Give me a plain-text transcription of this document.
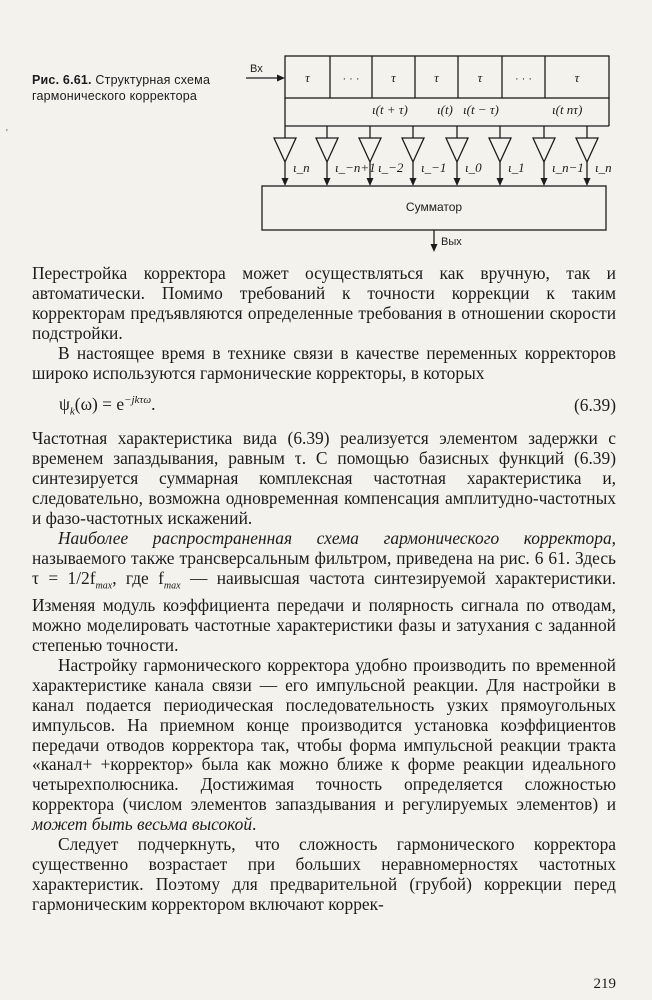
'
Рис. 6.61. Структурная схема гармонического корректора
Вх
τ	· · · τ	τ	τ	· · ·	τ
ι(t + τ) ι(t) ι(t − τ)	ι(t nτ)
ι_n ι_−n+1 ι_−2 ι_−1 ι_0 ι_1 ι_n−1 ι_n
Сумматор
Вых

Перестройка корректора может осуществляться как вручную, так и автоматически. Помимо требований к точности коррекции к таким корректорам предъявляются определенные требования в отношении скорости подстройки.

В настоящее время в технике связи в качестве переменных корректоров широко используются гармонические корректоры, в которых

$\psi_k(\omega) = e^{-jk\tau\omega}$.	(6.39)

Частотная характеристика вида (6.39) реализуется элементом задержки с временем запаздывания, равным τ. С помощью базисных функций (6.39) синтезируется суммарная комплексная частотная характеристика и, следовательно, возможна одновременная компенсация амплитудно-частотных и фазо-частотных искажений.

Наиболее распространенная схема гармонического корректора, называемого также трансверсальным фильтром, приведена на рис. 6 61. Здесь $\tau = 1/2f_{max}$, где $f_{max}$ — наивысшая частота синтезируемой характеристики. Изменяя модуль коэффициента передачи и полярность сигнала по отводам, можно моделировать частотные характеристики фазы и затухания с заданной степенью точности.

Настройку гармонического корректора удобно производить по временной характеристике канала связи — его импульсной реакции. Для настройки в канал подается периодическая последовательность узких прямоугольных импульсов. На приемном конце производится установка коэффициентов передачи отводов корректора так, чтобы форма импульсной реакции тракта «канал+ +корректор» была как можно ближе к форме реакции идеального четырехполюсника. Достижимая точность определяется сложностью корректора (числом элементов запаздывания и регулируемых элементов) и может быть весьма высокой.

Следует подчеркнуть, что сложность гармонического корректора существенно возрастает при больших неравномерностях частотных характеристик. Поэтому для предварительной (грубой) коррекции перед гармоническим корректором включают коррек-

219
